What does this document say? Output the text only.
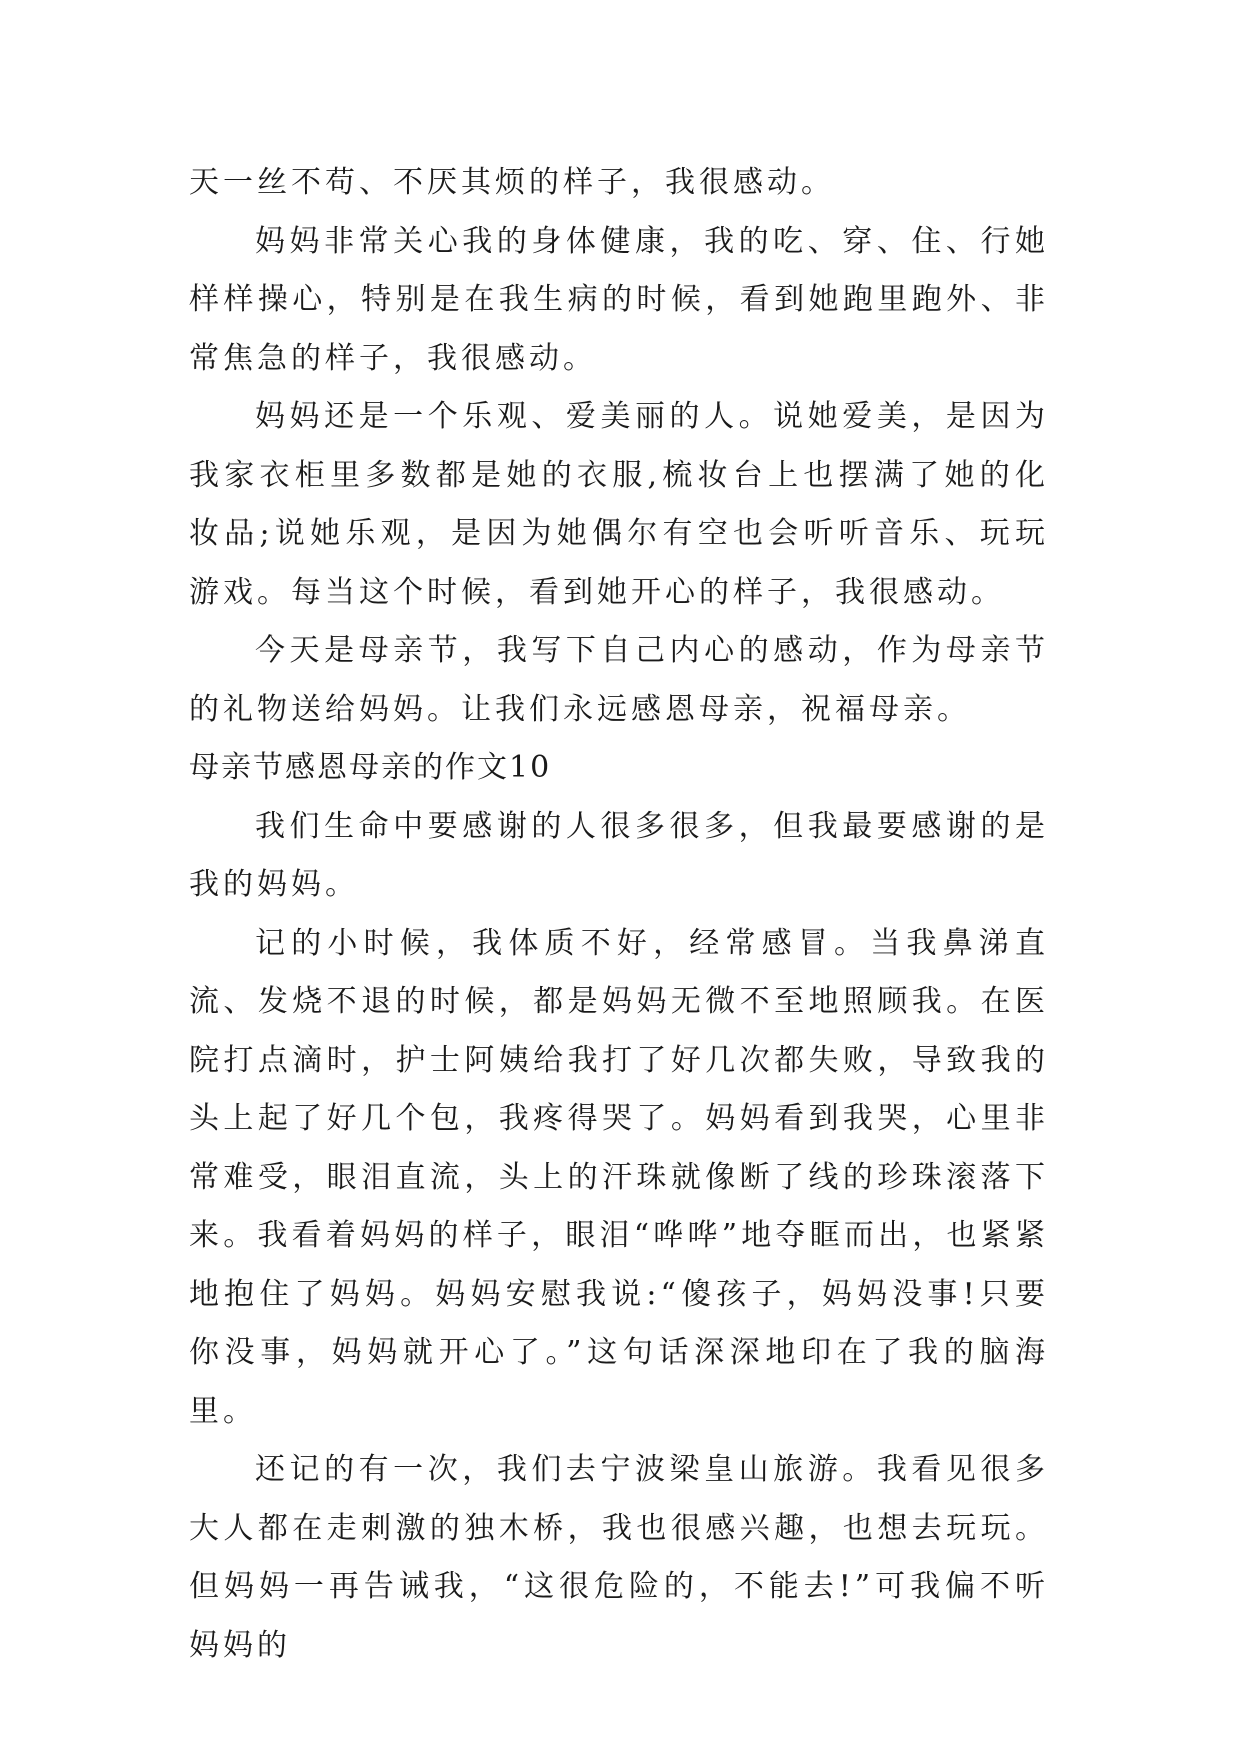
天一丝不苟、不厌其烦的样子，我很感动。

妈妈非常关心我的身体健康，我的吃、穿、住、行她样样操心，特别是在我生病的时候，看到她跑里跑外、非常焦急的样子，我很感动。

妈妈还是一个乐观、爱美丽的人。说她爱美，是因为我家衣柜里多数都是她的衣服,梳妆台上也摆满了她的化妆品;说她乐观，是因为她偶尔有空也会听听音乐、玩玩游戏。每当这个时候，看到她开心的样子，我很感动。

今天是母亲节，我写下自己内心的感动，作为母亲节的礼物送给妈妈。让我们永远感恩母亲，祝福母亲。

母亲节感恩母亲的作文10

我们生命中要感谢的人很多很多，但我最要感谢的是我的妈妈。

记的小时候，我体质不好，经常感冒。当我鼻涕直流、发烧不退的时候，都是妈妈无微不至地照顾我。在医院打点滴时，护士阿姨给我打了好几次都失败，导致我的头上起了好几个包，我疼得哭了。妈妈看到我哭，心里非常难受，眼泪直流，头上的汗珠就像断了线的珍珠滚落下来。我看着妈妈的样子，眼泪“哗哗”地夺眶而出，也紧紧地抱住了妈妈。妈妈安慰我说:“傻孩子，妈妈没事!只要你没事，妈妈就开心了。”这句话深深地印在了我的脑海里。

还记的有一次，我们去宁波梁皇山旅游。我看见很多大人都在走刺激的独木桥，我也很感兴趣，也想去玩玩。但妈妈一再告诫我，“这很危险的，不能去!”可我偏不听妈妈的
